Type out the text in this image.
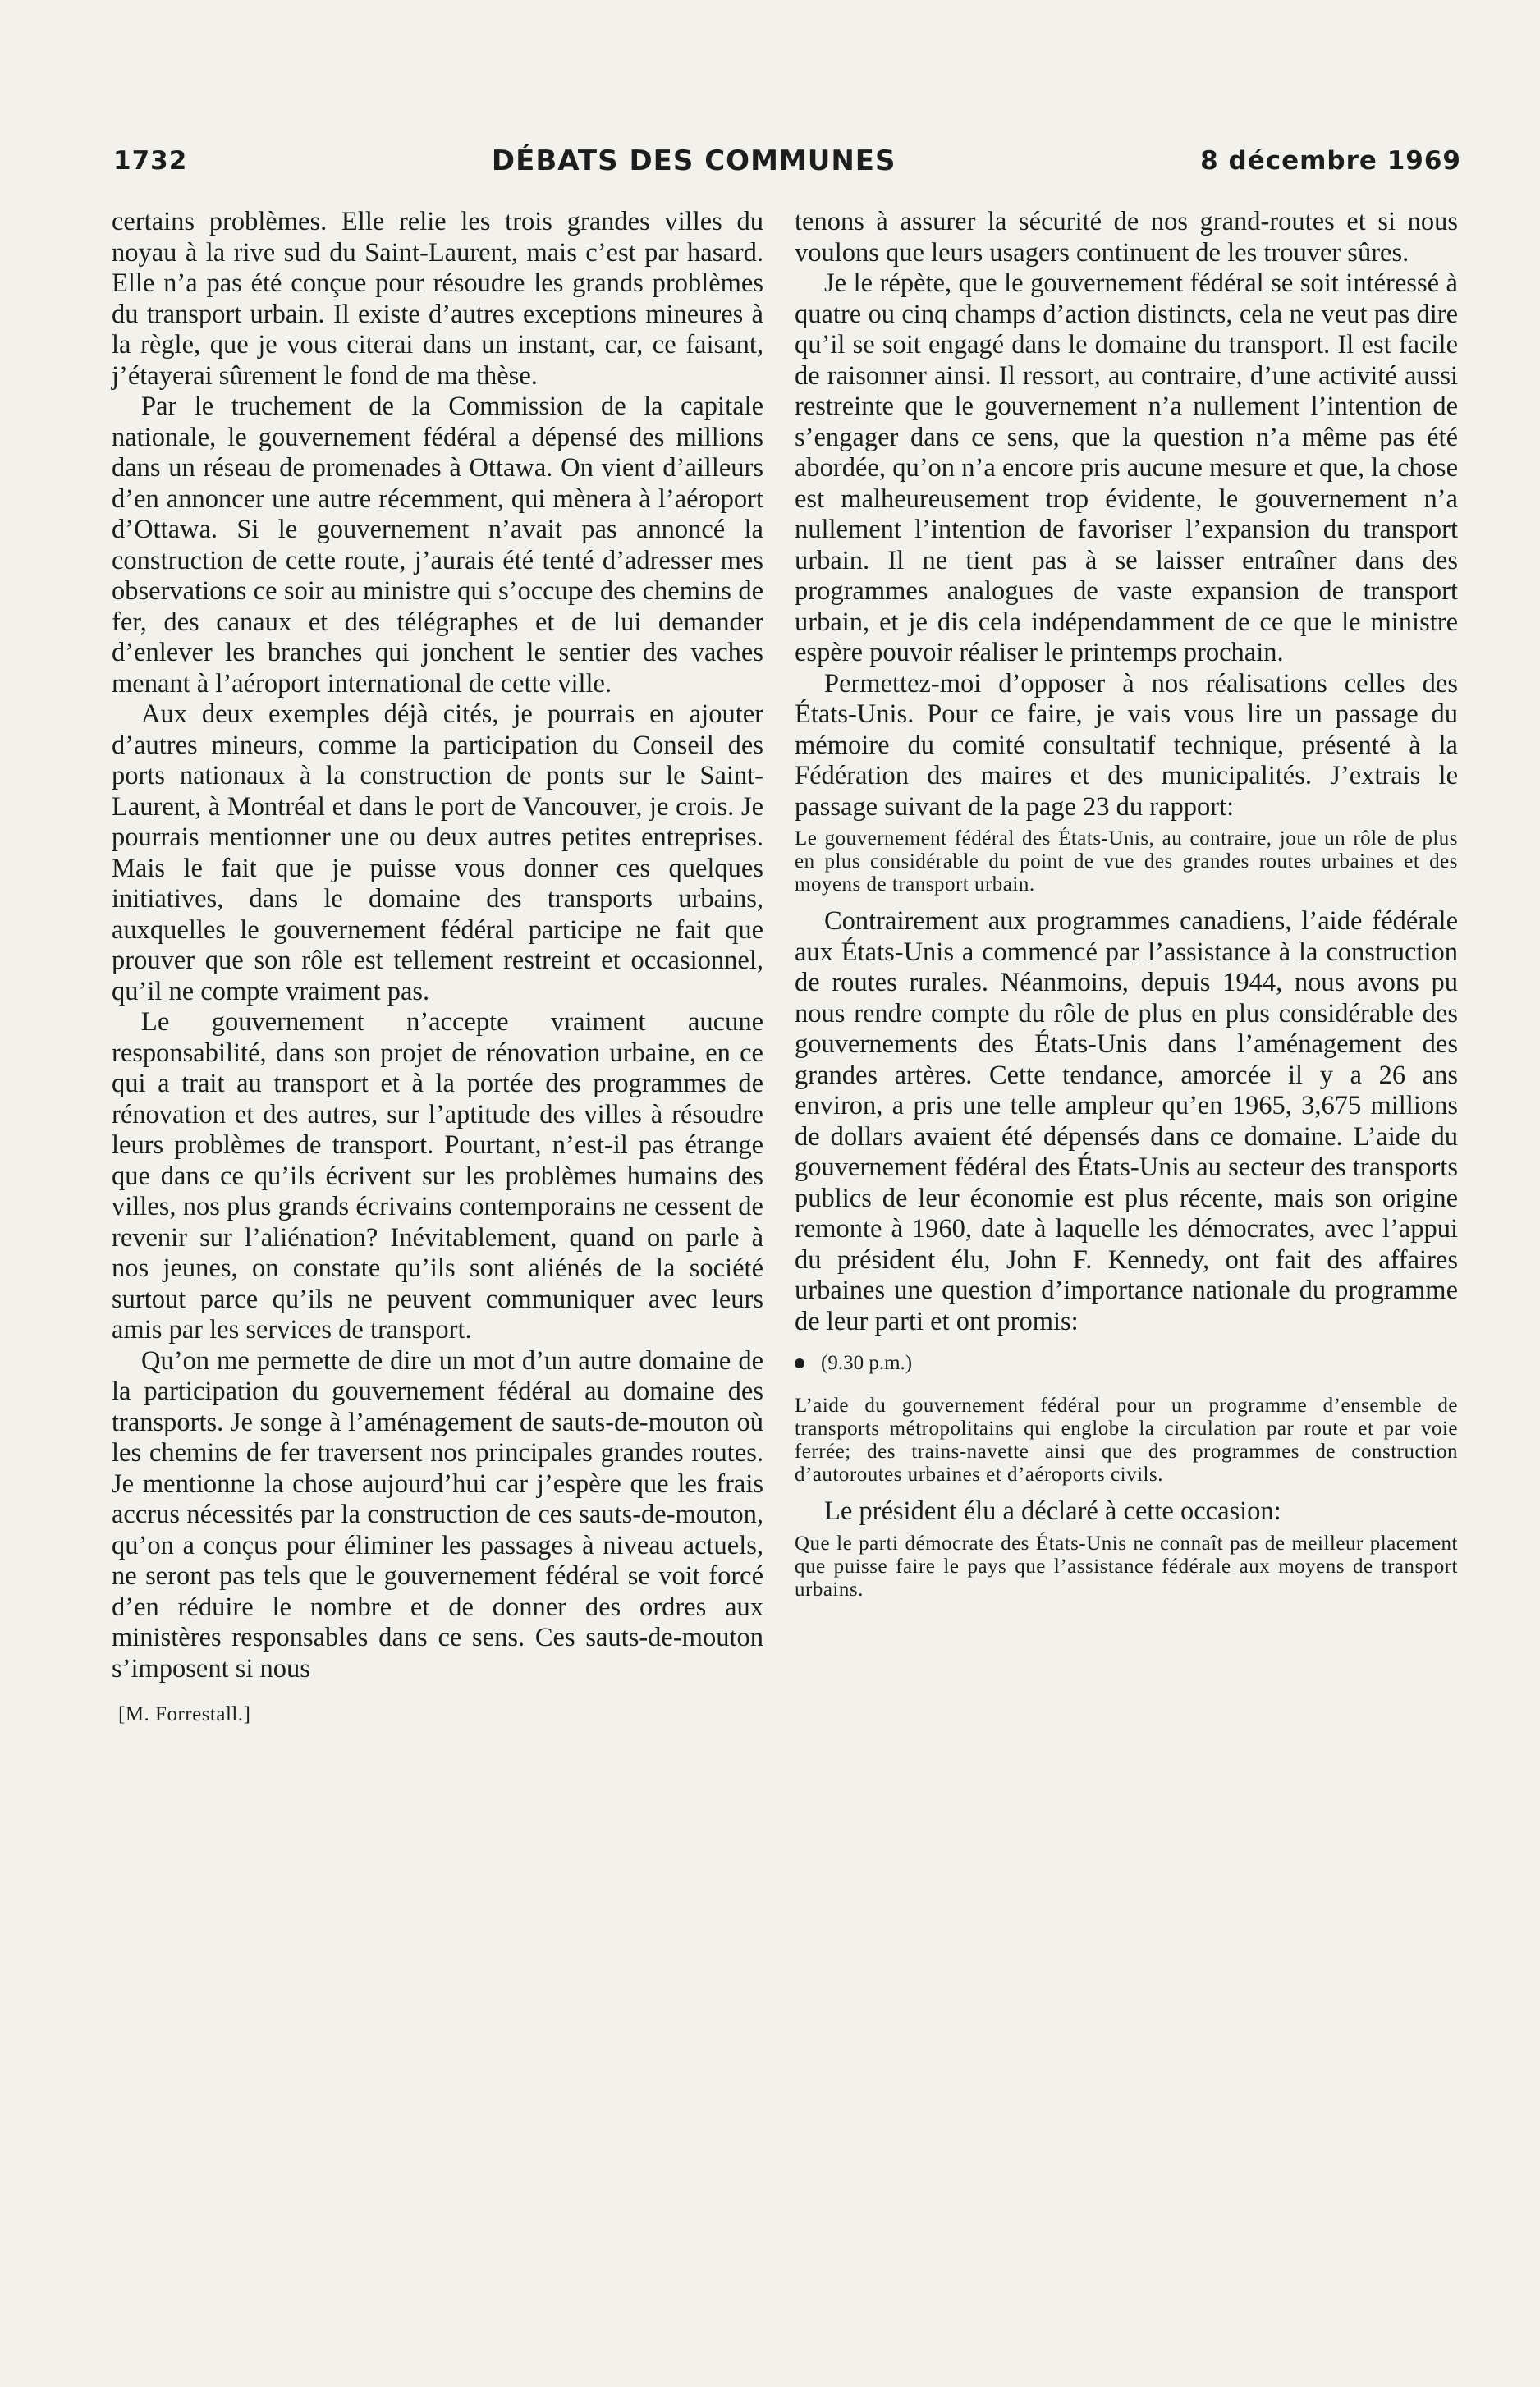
1732	DÉBATS DES COMMUNES	8 décembre 1969

certains problèmes. Elle relie les trois grandes villes du noyau à la rive sud du Saint-Laurent, mais c’est par hasard. Elle n’a pas été conçue pour résoudre les grands problèmes du transport urbain. Il existe d’autres exceptions mineures à la règle, que je vous citerai dans un instant, car, ce faisant, j’étayerai sûrement le fond de ma thèse.

Par le truchement de la Commission de la capitale nationale, le gouvernement fédéral a dépensé des millions dans un réseau de promenades à Ottawa. On vient d’ailleurs d’en annoncer une autre récemment, qui mènera à l’aéroport d’Ottawa. Si le gouvernement n’avait pas annoncé la construction de cette route, j’aurais été tenté d’adresser mes observations ce soir au ministre qui s’occupe des chemins de fer, des canaux et des télégraphes et de lui demander d’enlever les branches qui jonchent le sentier des vaches menant à l’aéroport international de cette ville.

Aux deux exemples déjà cités, je pourrais en ajouter d’autres mineurs, comme la participation du Conseil des ports nationaux à la construction de ponts sur le Saint-Laurent, à Montréal et dans le port de Vancouver, je crois. Je pourrais mentionner une ou deux autres petites entreprises. Mais le fait que je puisse vous donner ces quelques initiatives, dans le domaine des transports urbains, auxquelles le gouvernement fédéral participe ne fait que prouver que son rôle est tellement restreint et occasionnel, qu’il ne compte vraiment pas.

Le gouvernement n’accepte vraiment aucune responsabilité, dans son projet de rénovation urbaine, en ce qui a trait au transport et à la portée des programmes de rénovation et des autres, sur l’aptitude des villes à résoudre leurs problèmes de transport. Pourtant, n’est-il pas étrange que dans ce qu’ils écrivent sur les problèmes humains des villes, nos plus grands écrivains contemporains ne cessent de revenir sur l’aliénation? Inévitablement, quand on parle à nos jeunes, on constate qu’ils sont aliénés de la société surtout parce qu’ils ne peuvent communiquer avec leurs amis par les services de transport.

Qu’on me permette de dire un mot d’un autre domaine de la participation du gouvernement fédéral au domaine des transports. Je songe à l’aménagement de sauts-de-mouton où les chemins de fer traversent nos principales grandes routes. Je mentionne la chose aujourd’hui car j’espère que les frais accrus nécessités par la construction de ces sauts-de-mouton, qu’on a conçus pour éliminer les passages à niveau actuels, ne seront pas tels que le gouvernement fédéral se voit forcé d’en réduire le nombre et de donner des ordres aux ministères responsables dans ce sens. Ces sauts-de-mouton s’imposent si nous

[M. Forrestall.]

tenons à assurer la sécurité de nos grand-routes et si nous voulons que leurs usagers continuent de les trouver sûres.

Je le répète, que le gouvernement fédéral se soit intéressé à quatre ou cinq champs d’action distincts, cela ne veut pas dire qu’il se soit engagé dans le domaine du transport. Il est facile de raisonner ainsi. Il ressort, au contraire, d’une activité aussi restreinte que le gouvernement n’a nullement l’intention de s’engager dans ce sens, que la question n’a même pas été abordée, qu’on n’a encore pris aucune mesure et que, la chose est malheureusement trop évidente, le gouvernement n’a nullement l’intention de favoriser l’expansion du transport urbain. Il ne tient pas à se laisser entraîner dans des programmes analogues de vaste expansion de transport urbain, et je dis cela indépendamment de ce que le ministre espère pouvoir réaliser le printemps prochain.

Permettez-moi d’opposer à nos réalisations celles des États-Unis. Pour ce faire, je vais vous lire un passage du mémoire du comité consultatif technique, présenté à la Fédération des maires et des municipalités. J’extrais le passage suivant de la page 23 du rapport:

Le gouvernement fédéral des États-Unis, au contraire, joue un rôle de plus en plus considérable du point de vue des grandes routes urbaines et des moyens de transport urbain.

Contrairement aux programmes canadiens, l’aide fédérale aux États-Unis a commencé par l’assistance à la construction de routes rurales. Néanmoins, depuis 1944, nous avons pu nous rendre compte du rôle de plus en plus considérable des gouvernements des États-Unis dans l’aménagement des grandes artères. Cette tendance, amorcée il y a 26 ans environ, a pris une telle ampleur qu’en 1965, 3,675 millions de dollars avaient été dépensés dans ce domaine. L’aide du gouvernement fédéral des États-Unis au secteur des transports publics de leur économie est plus récente, mais son origine remonte à 1960, date à laquelle les démocrates, avec l’appui du président élu, John F. Kennedy, ont fait des affaires urbaines une question d’importance nationale du programme de leur parti et ont promis:

(9.30 p.m.)

L’aide du gouvernement fédéral pour un programme d’ensemble de transports métropolitains qui englobe la circulation par route et par voie ferrée; des trains-navette ainsi que des programmes de construction d’autoroutes urbaines et d’aéroports civils.

Le président élu a déclaré à cette occasion:

Que le parti démocrate des États-Unis ne connaît pas de meilleur placement que puisse faire le pays que l’assistance fédérale aux moyens de transport urbains.
